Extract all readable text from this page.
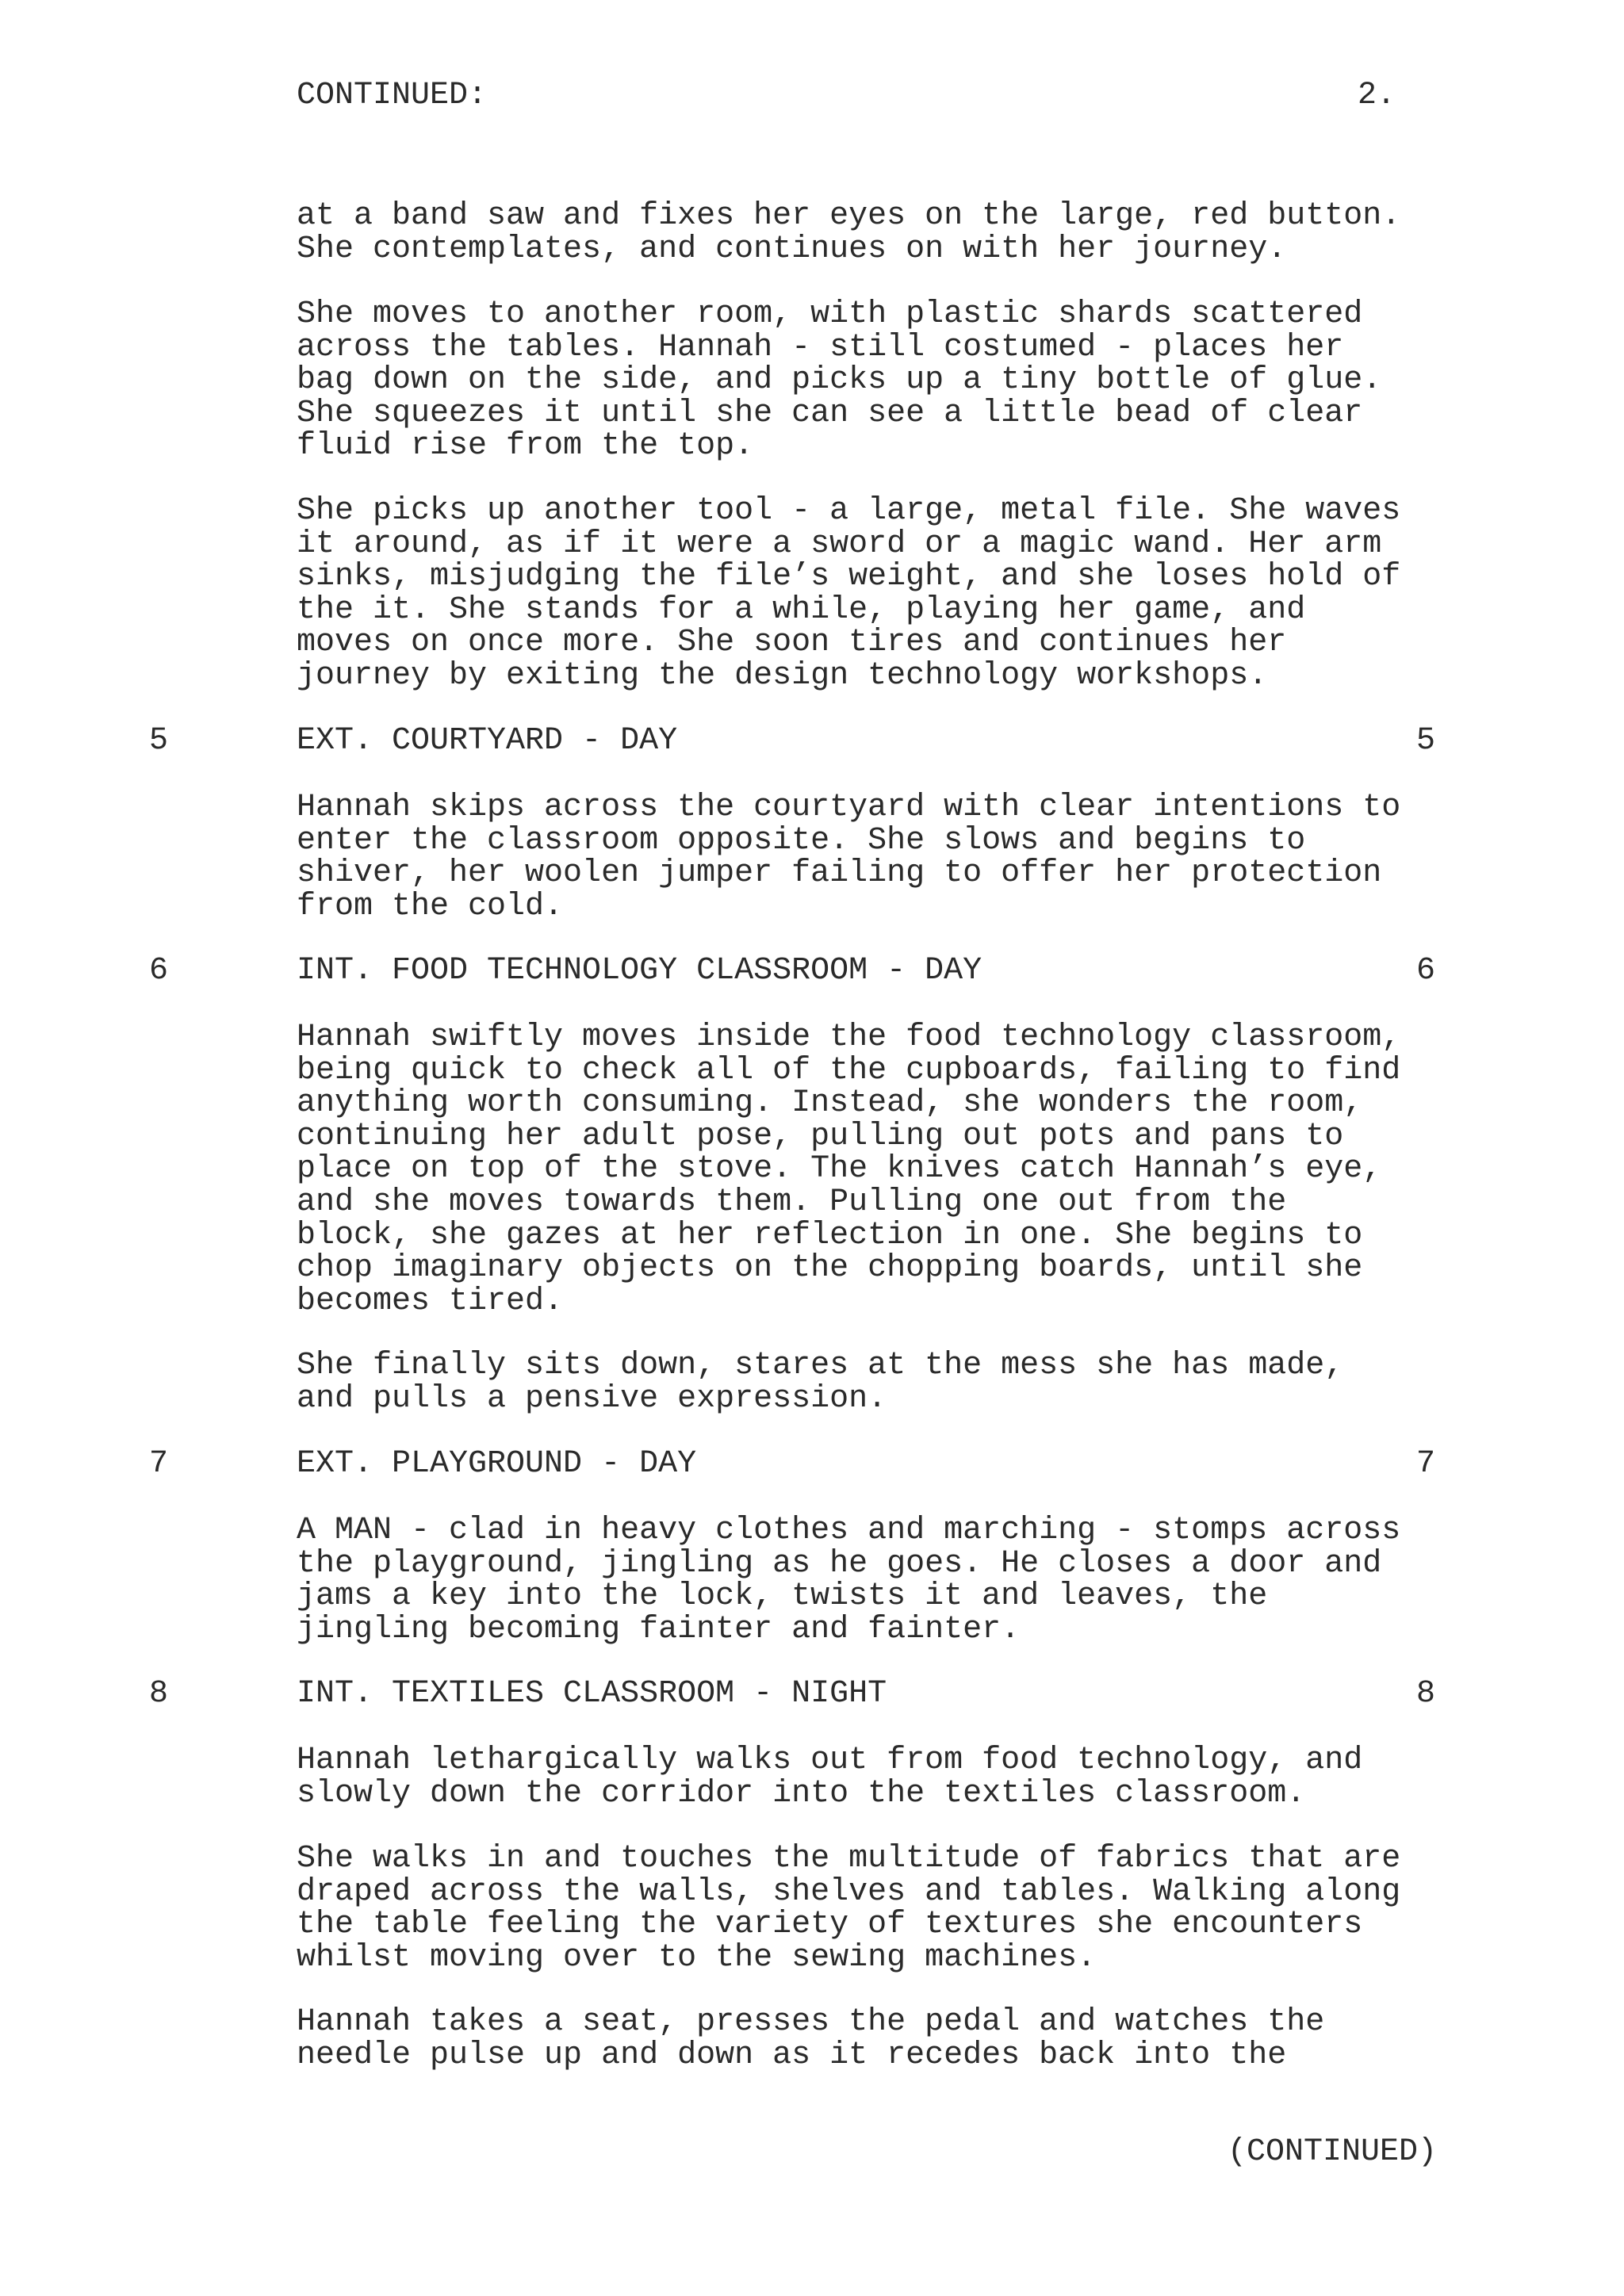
CONTINUED:	2.
at a band saw and fixes her eyes on the large, red button.
She contemplates, and continues on with her journey.
She moves to another room, with plastic shards scattered
across the tables. Hannah - still costumed - places her
bag down on the side, and picks up a tiny bottle of glue.
She squeezes it until she can see a little bead of clear
fluid rise from the top.
She picks up another tool - a large, metal file. She waves
it around, as if it were a sword or a magic wand. Her arm
sinks, misjudging the file’s weight, and she loses hold of
the it. She stands for a while, playing her game, and
moves on once more. She soon tires and continues her
journey by exiting the design technology workshops.
5	EXT. COURTYARD - DAY	5
Hannah skips across the courtyard with clear intentions to
enter the classroom opposite. She slows and begins to
shiver, her woolen jumper failing to offer her protection
from the cold.
6	INT. FOOD TECHNOLOGY CLASSROOM - DAY	6
Hannah swiftly moves inside the food technology classroom,
being quick to check all of the cupboards, failing to find
anything worth consuming. Instead, she wonders the room,
continuing her adult pose, pulling out pots and pans to
place on top of the stove. The knives catch Hannah’s eye,
and she moves towards them. Pulling one out from the
block, she gazes at her reflection in one. She begins to
chop imaginary objects on the chopping boards, until she
becomes tired.
She finally sits down, stares at the mess she has made,
and pulls a pensive expression.
7	EXT. PLAYGROUND - DAY	7
A MAN - clad in heavy clothes and marching - stomps across
the playground, jingling as he goes. He closes a door and
jams a key into the lock, twists it and leaves, the
jingling becoming fainter and fainter.
8	INT. TEXTILES CLASSROOM - NIGHT	8
Hannah lethargically walks out from food technology, and
slowly down the corridor into the textiles classroom.
She walks in and touches the multitude of fabrics that are
draped across the walls, shelves and tables. Walking along
the table feeling the variety of textures she encounters
whilst moving over to the sewing machines.
Hannah takes a seat, presses the pedal and watches the
needle pulse up and down as it recedes back into the
(CONTINUED)
